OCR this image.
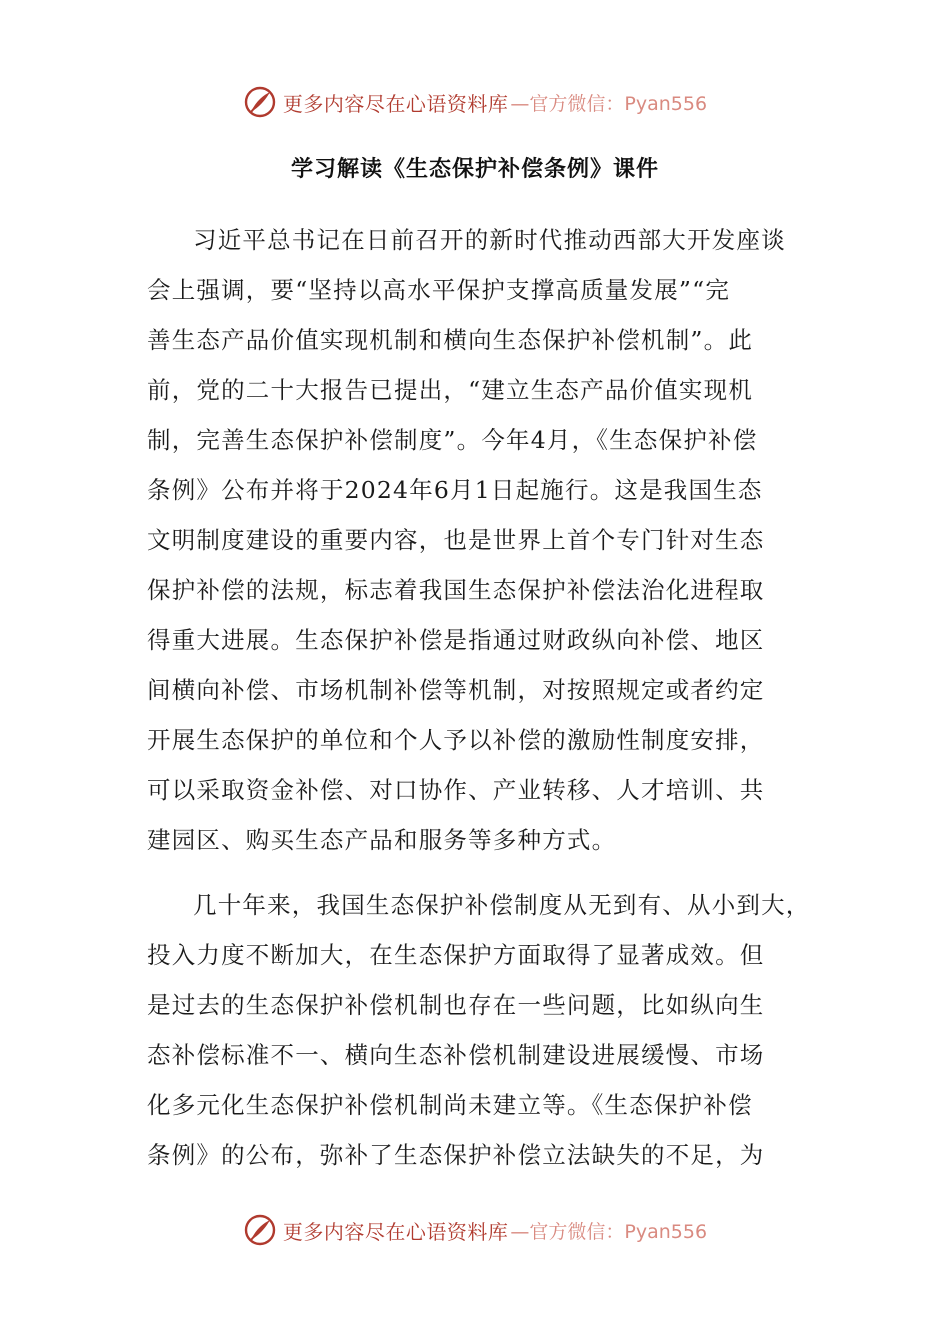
更多内容尽在心语资料库 —官方微信：Pyan556
学习解读《生态保护补偿条例》课件
习近平总书记在日前召开的新时代推动西部大开发座谈
会上强调，要“坚持以高水平保护支撑高质量发展”“完
善生态产品价值实现机制和横向生态保护补偿机制”。此
前，党的二十大报告已提出，“建立生态产品价值实现机
制，完善生态保护补偿制度”。今年4月，《生态保护补偿
条例》公布并将于2024年6月1日起施行。这是我国生态
文明制度建设的重要内容，也是世界上首个专门针对生态
保护补偿的法规，标志着我国生态保护补偿法治化进程取
得重大进展。生态保护补偿是指通过财政纵向补偿、地区
间横向补偿、市场机制补偿等机制，对按照规定或者约定
开展生态保护的单位和个人予以补偿的激励性制度安排，
可以采取资金补偿、对口协作、产业转移、人才培训、共
建园区、购买生态产品和服务等多种方式。
几十年来，我国生态保护补偿制度从无到有、从小到大，
投入力度不断加大，在生态保护方面取得了显著成效。但
是过去的生态保护补偿机制也存在一些问题，比如纵向生
态补偿标准不一、横向生态补偿机制建设进展缓慢、市场
化多元化生态保护补偿机制尚未建立等。《生态保护补偿
条例》的公布，弥补了生态保护补偿立法缺失的不足，为
更多内容尽在心语资料库 —官方微信：Pyan556
